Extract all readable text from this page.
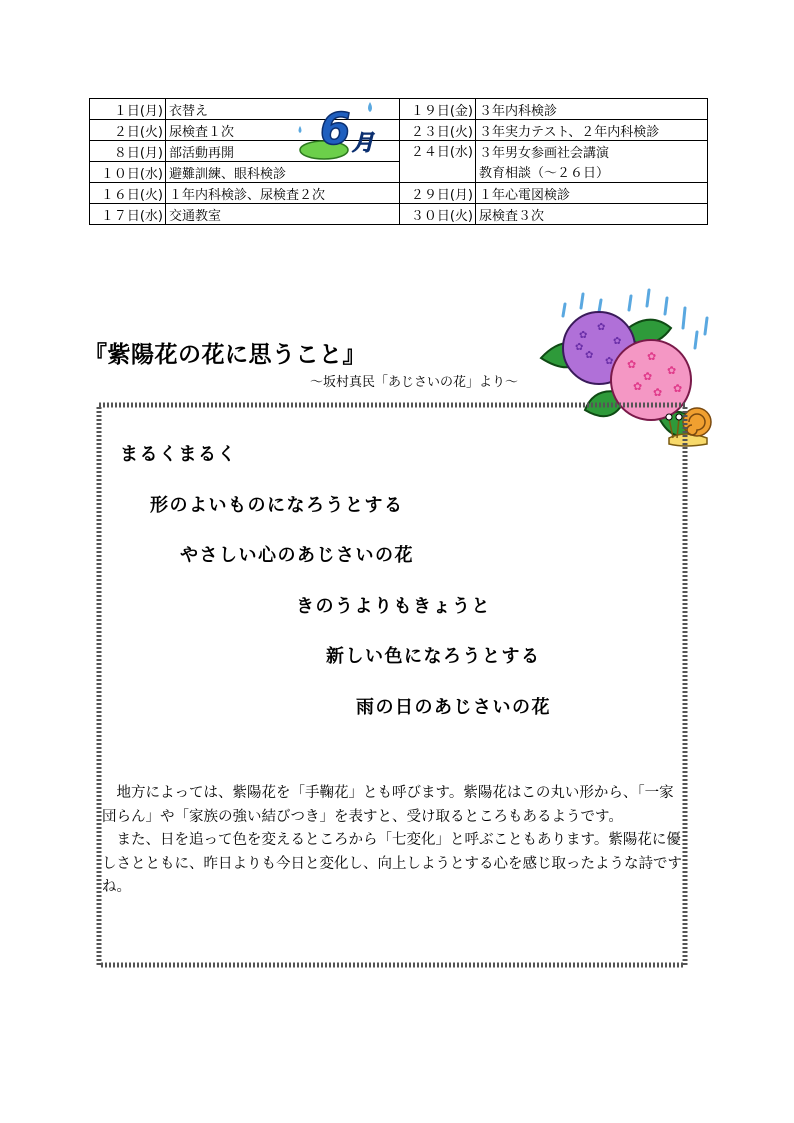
１日(月)	衣替え	１９日(金)	３年内科検診
２日(火)	尿検査１次	２３日(火)	３年実力テスト、２年内科検診
８日(月)	部活動再開	２４日(水)	３年男女参画社会講演
１０日(水)	避難訓練、眼科検診		教育相談（～２６日）
１６日(火)	１年内科検診、尿検査２次	２９日(月)	１年心電図検診
１７日(水)	交通教室	３０日(火)	尿検査３次
6 月
『紫陽花の花に思うこと』
～坂村真民「あじさいの花」より～
✿
✿
✿
✿
✿
✿
✿
✿
✿
✿ ✿ ✿
✿
まるくまるく
形のよいものになろうとする
やさしい心のあじさいの花
きのうよりもきょうと
新しい色になろうとする
雨の日のあじさいの花

　地方によっては、紫陽花を「手鞠花」とも呼びます。紫陽花はこの丸い形から、「一家団らん」や「家族の強い結びつき」を表すと、受け取るところもあるようです。

　また、日を追って色を変えるところから「七変化」と呼ぶこともあります。紫陽花に優しさとともに、昨日よりも今日と変化し、向上しようとする心を感じ取ったような詩ですね。
